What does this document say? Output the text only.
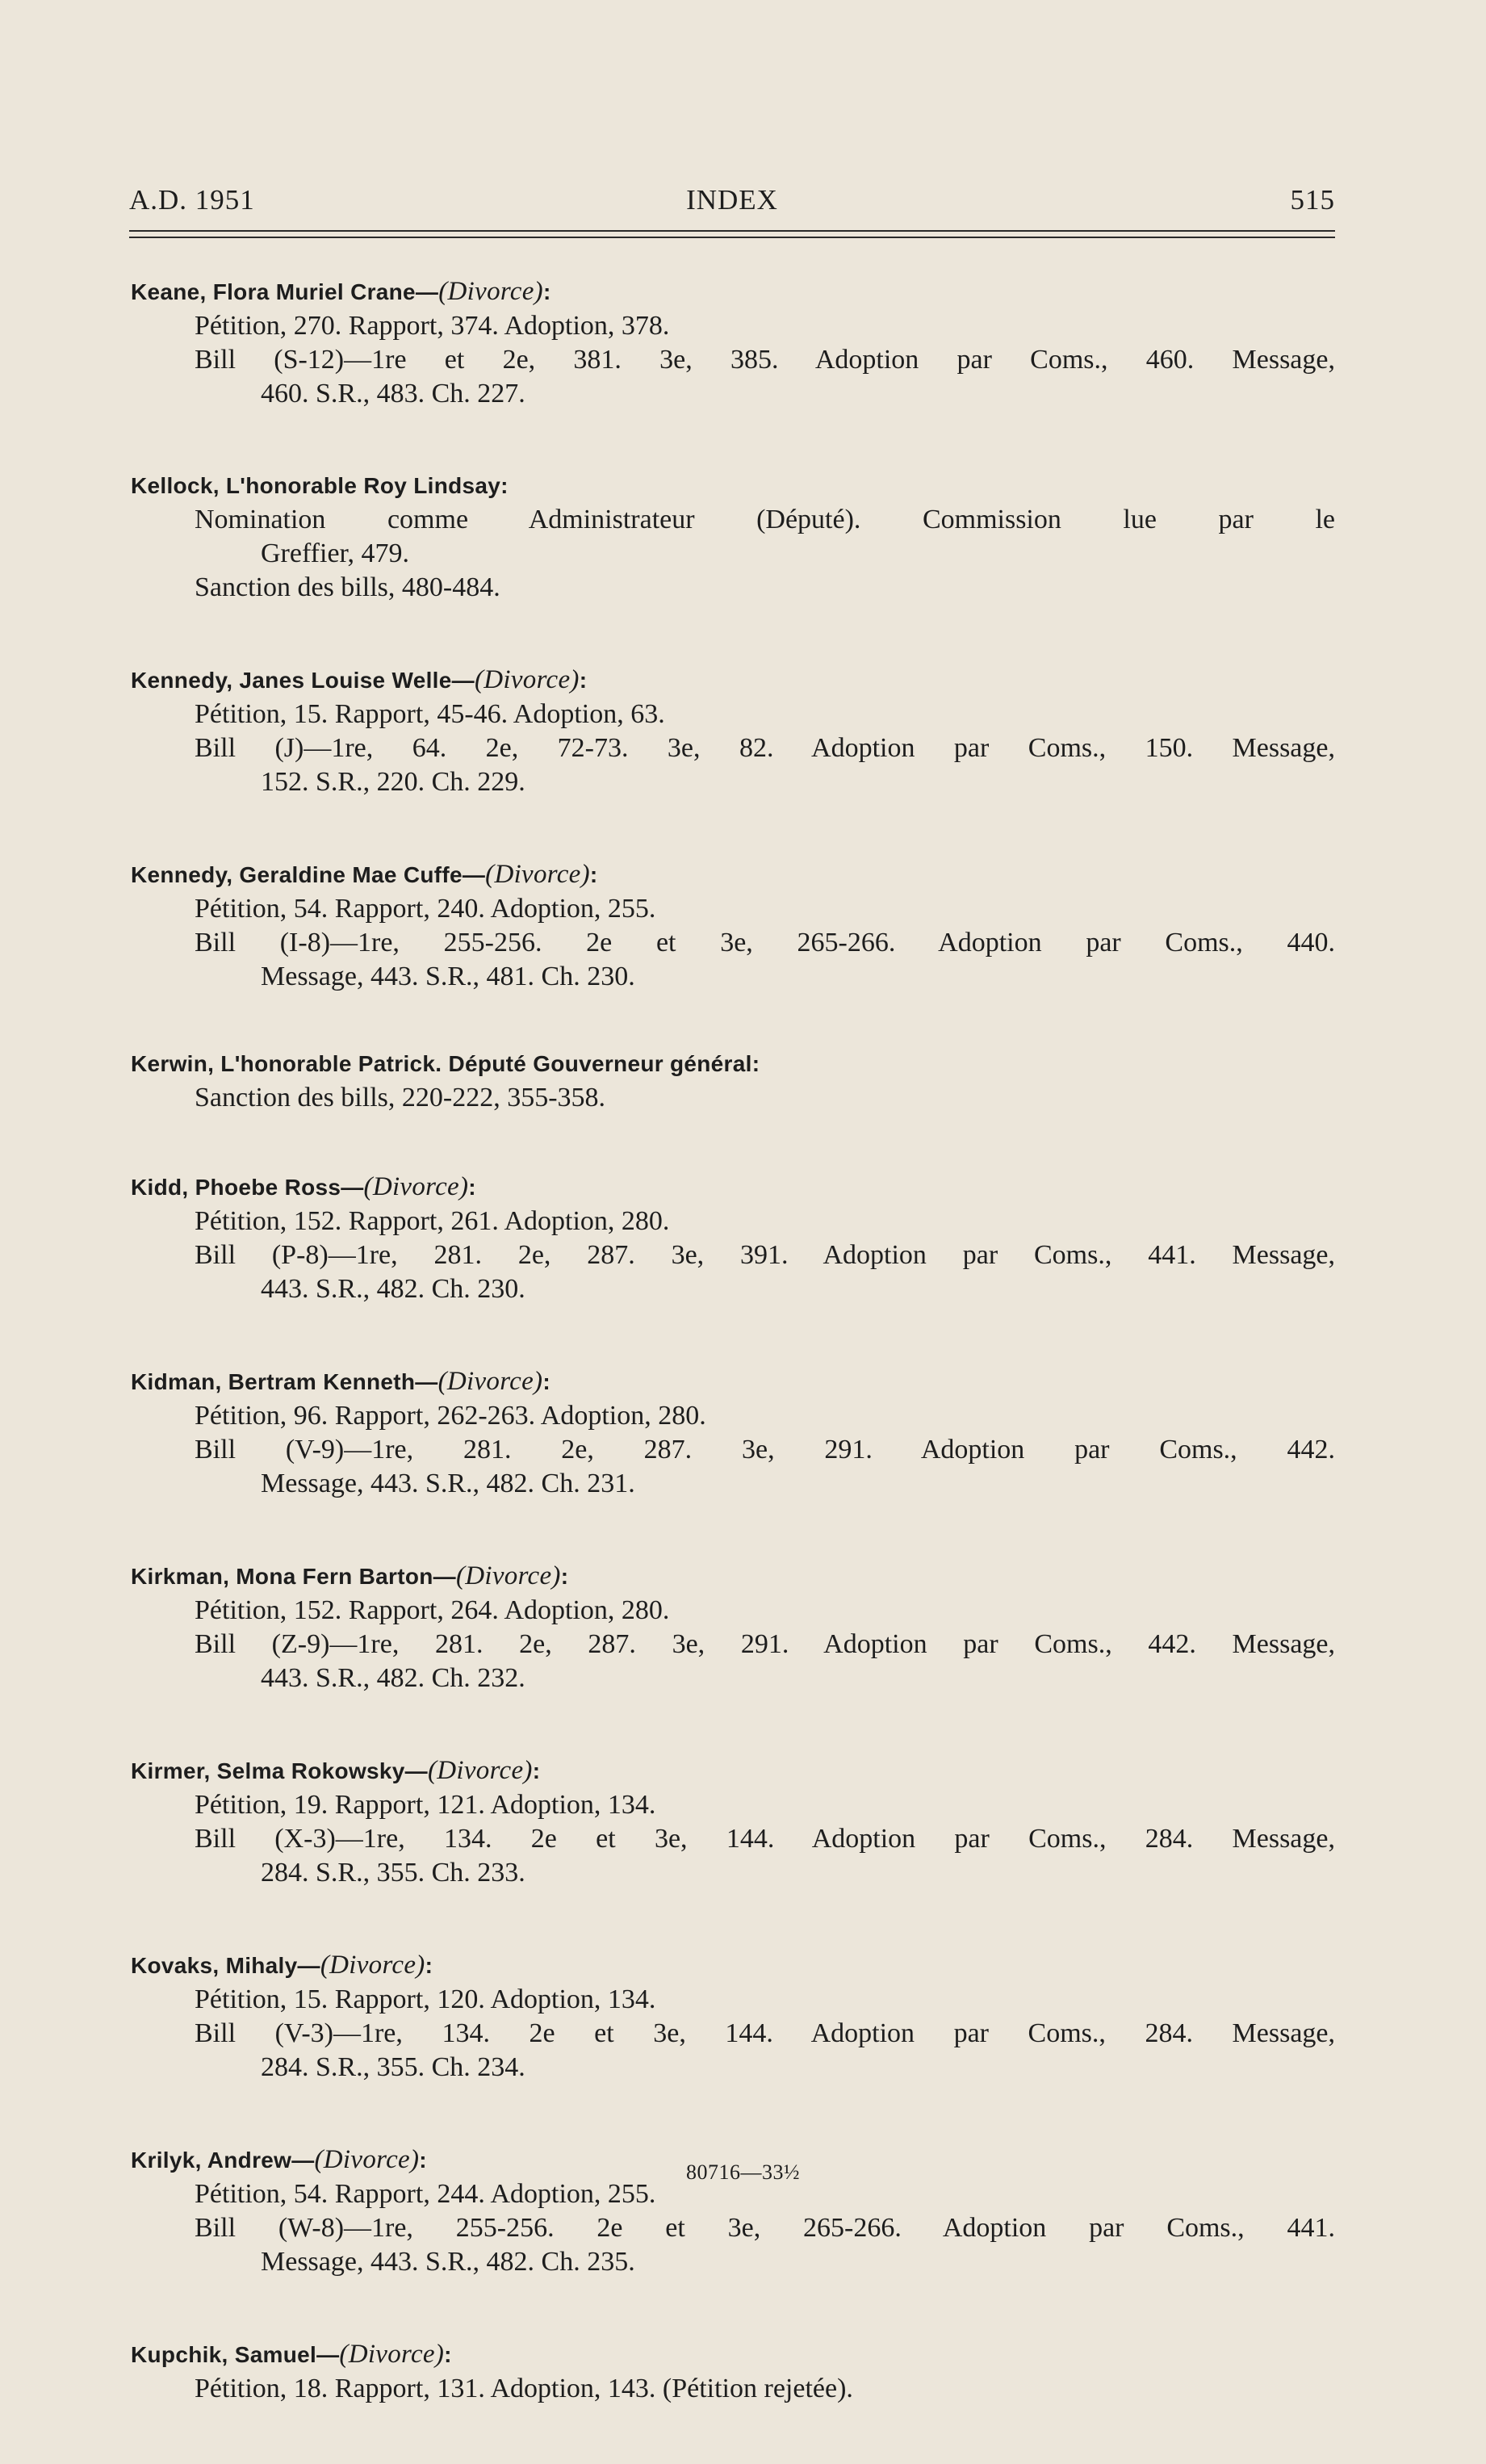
A.D. 1951	INDEX	515
Keane, Flora Muriel Crane—(Divorce):
Pétition, 270. Rapport, 374. Adoption, 378.
Bill (S-12)—1re et 2e, 381. 3e, 385. Adoption par Coms., 460. Message,
460. S.R., 483. Ch. 227.
Kellock, L'honorable Roy Lindsay:
Nomination comme Administrateur (Député). Commission lue par le
Greffier, 479.
Sanction des bills, 480-484.
Kennedy, Janes Louise Welle—(Divorce):
Pétition, 15. Rapport, 45-46. Adoption, 63.
Bill (J)—1re, 64. 2e, 72-73. 3e, 82. Adoption par Coms., 150. Message,
152. S.R., 220. Ch. 229.
Kennedy, Geraldine Mae Cuffe—(Divorce):
Pétition, 54. Rapport, 240. Adoption, 255.
Bill (I-8)—1re, 255-256. 2e et 3e, 265-266. Adoption par Coms., 440.
Message, 443. S.R., 481. Ch. 230.
Kerwin, L'honorable Patrick. Député Gouverneur général:
Sanction des bills, 220-222, 355-358.
Kidd, Phoebe Ross—(Divorce):
Pétition, 152. Rapport, 261. Adoption, 280.
Bill (P-8)—1re, 281. 2e, 287. 3e, 391. Adoption par Coms., 441. Message,
443. S.R., 482. Ch. 230.
Kidman, Bertram Kenneth—(Divorce):
Pétition, 96. Rapport, 262-263. Adoption, 280.
Bill (V-9)—1re, 281. 2e, 287. 3e, 291. Adoption par Coms., 442.
Message, 443. S.R., 482. Ch. 231.
Kirkman, Mona Fern Barton—(Divorce):
Pétition, 152. Rapport, 264. Adoption, 280.
Bill (Z-9)—1re, 281. 2e, 287. 3e, 291. Adoption par Coms., 442. Message,
443. S.R., 482. Ch. 232.
Kirmer, Selma Rokowsky—(Divorce):
Pétition, 19. Rapport, 121. Adoption, 134.
Bill (X-3)—1re, 134. 2e et 3e, 144. Adoption par Coms., 284. Message,
284. S.R., 355. Ch. 233.
Kovaks, Mihaly—(Divorce):
Pétition, 15. Rapport, 120. Adoption, 134.
Bill (V-3)—1re, 134. 2e et 3e, 144. Adoption par Coms., 284. Message,
284. S.R., 355. Ch. 234.
Krilyk, Andrew—(Divorce):
Pétition, 54. Rapport, 244. Adoption, 255.
Bill (W-8)—1re, 255-256. 2e et 3e, 265-266. Adoption par Coms., 441.
Message, 443. S.R., 482. Ch. 235.
Kupchik, Samuel—(Divorce):
Pétition, 18. Rapport, 131. Adoption, 143. (Pétition rejetée).
80716—33½
